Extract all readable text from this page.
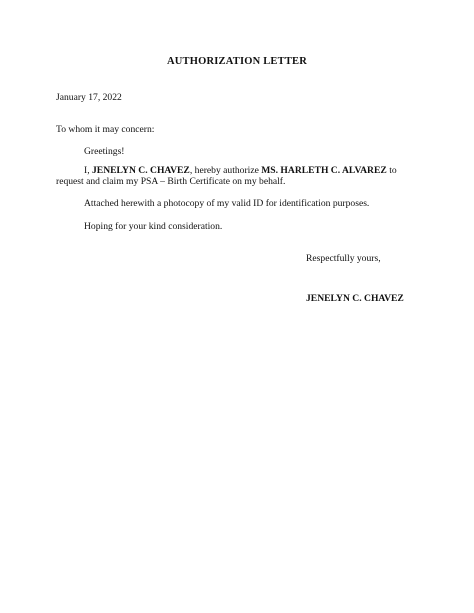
AUTHORIZATION LETTER
January 17, 2022
To whom it may concern:
Greetings!
I, JENELYN C. CHAVEZ, hereby authorize MS. HARLETH C. ALVAREZ to request and claim my PSA – Birth Certificate on my behalf.
Attached herewith a photocopy of my valid ID for identification purposes.
Hoping for your kind consideration.
Respectfully yours,
JENELYN C. CHAVEZ
